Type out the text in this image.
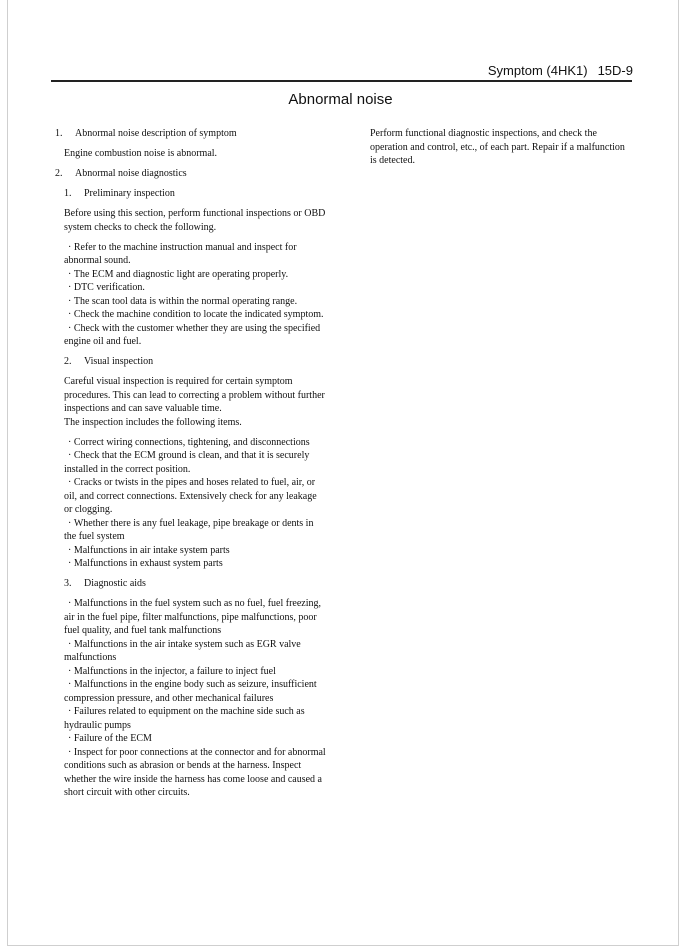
Symptom (4HK1) 15D-9
Abnormal noise
1. Abnormal noise description of symptom
Engine combustion noise is abnormal.
2. Abnormal noise diagnostics
1. Preliminary inspection
Before using this section, perform functional inspections or OBD system checks to check the following.
· Refer to the machine instruction manual and inspect for abnormal sound.
· The ECM and diagnostic light are operating properly.
· DTC verification.
· The scan tool data is within the normal operating range.
· Check the machine condition to locate the indicated symptom.
· Check with the customer whether they are using the specified engine oil and fuel.
2. Visual inspection
Careful visual inspection is required for certain symptom procedures. This can lead to correcting a problem without further inspections and can save valuable time.
The inspection includes the following items.
· Correct wiring connections, tightening, and disconnections
· Check that the ECM ground is clean, and that it is securely installed in the correct position.
· Cracks or twists in the pipes and hoses related to fuel, air, or oil, and correct connections. Extensively check for any leakage or clogging.
· Whether there is any fuel leakage, pipe breakage or dents in the fuel system
· Malfunctions in air intake system parts
· Malfunctions in exhaust system parts
3. Diagnostic aids
· Malfunctions in the fuel system such as no fuel, fuel freezing, air in the fuel pipe, filter malfunctions, pipe malfunctions, poor fuel quality, and fuel tank malfunctions
· Malfunctions in the air intake system such as EGR valve malfunctions
· Malfunctions in the injector, a failure to inject fuel
· Malfunctions in the engine body such as seizure, insufficient compression pressure, and other mechanical failures
· Failures related to equipment on the machine side such as hydraulic pumps
· Failure of the ECM
· Inspect for poor connections at the connector and for abnormal conditions such as abrasion or bends at the harness. Inspect whether the wire inside the harness has come loose and caused a short circuit with other circuits.

Perform functional diagnostic inspections, and check the operation and control, etc., of each part. Repair if a malfunction is detected.
